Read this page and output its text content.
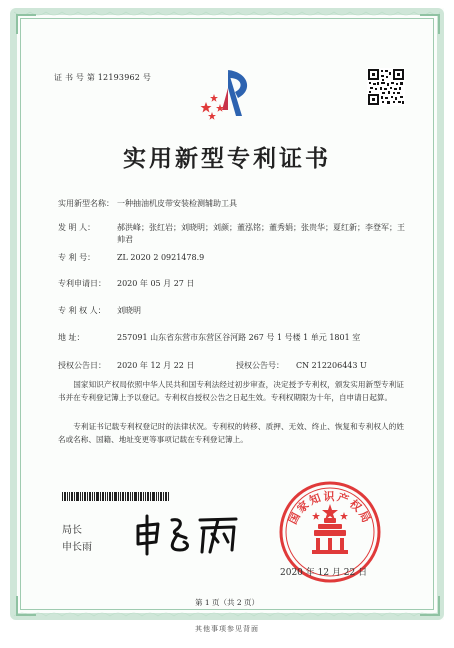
证 书 号 第 12193962 号
实用新型专利证书
实用新型名称： 一种抽油机皮带安装检测辅助工具
发 明 人：	郝洪峰；张红岩；刘晓明；刘颜；董泓铭；董秀娟；张贵华；夏红新；李登军；王帅君
专 利 号：	ZL 2020 2 0921478.9
专利申请日： 2020 年 05 月 27 日
专 利 权 人： 刘晓明
地 址：	257091 山东省东营市东营区谷河路 267 号 1 号楼 1 单元 1801 室
授权公告日： 2020 年 12 月 22 日	授权公告号：	CN 212206443 U
国家知识产权局依照中华人民共和国专利法经过初步审查，决定授予专利权，颁发实用新型专利证书并在专利登记簿上予以登记。专利权自授权公告之日起生效。专利权期限为十年，自申请日起算。
专利证书记载专利权登记时的法律状况。专利权的转移、质押、无效、终止、恢复和专利权人的姓名或名称、国籍、地址变更等事项记载在专利登记簿上。
局长
申长雨
国家知识产权局
2020 年 12 月 22 日
第 1 页（共 2 页）
其他事项参见背面
